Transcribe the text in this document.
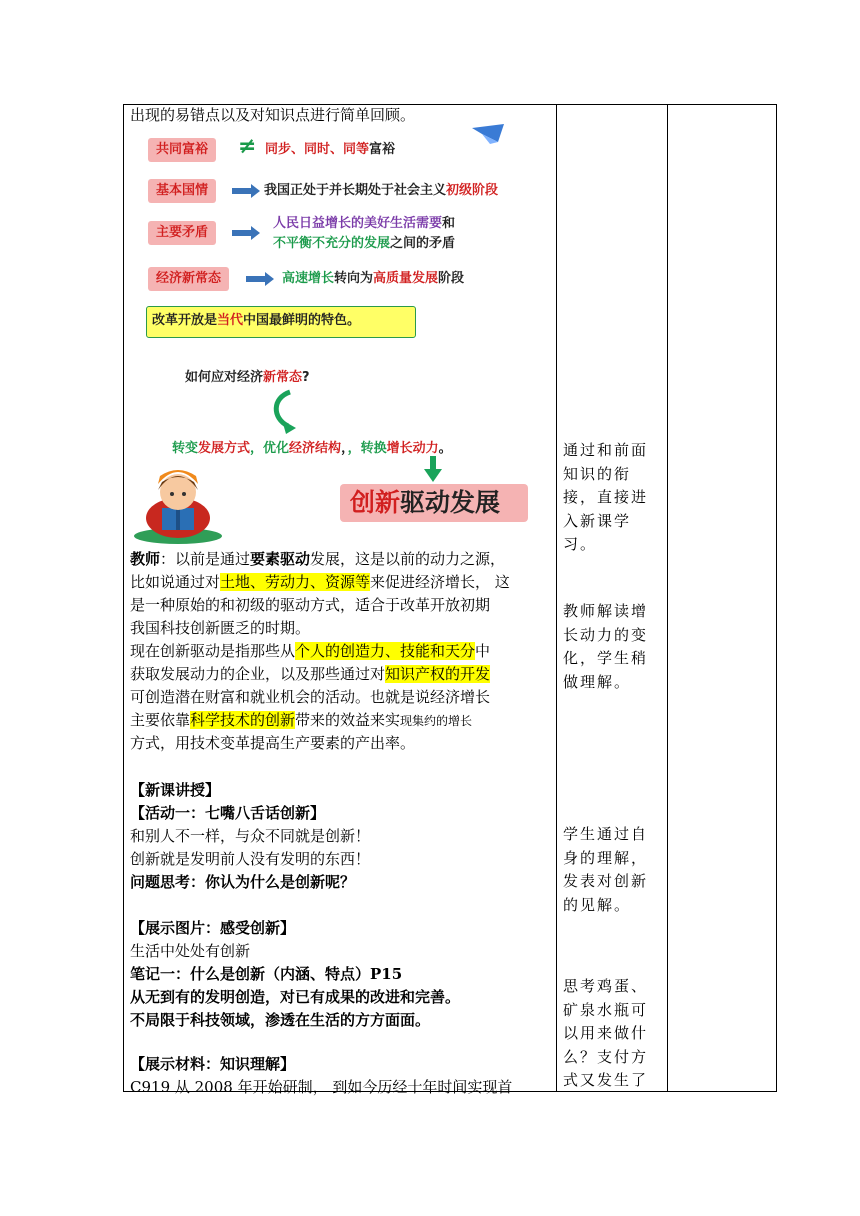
出现的易错点以及对知识点进行简单回顾。
共同富裕	≠ 同步、同时、同等富裕
基本国情	我国正处于并长期处于社会主义初级阶段
主要矛盾
人民日益增长的美好生活需要和
不平衡不充分的发展之间的矛盾
经济新常态	高速增长转向为高质量发展阶段
改革开放是当代中国最鲜明的特色。
如何应对经济新常态?
转变发展方式，优化经济结构，，转换增长动力。
创新驱动发展
教师：以前是通过要素驱动发展，这是以前的动力之源，
比如说通过对土地、劳动力、资源等来促进经济增长， 这
是一种原始的和初级的驱动方式，适合于改革开放初期
我国科技创新匮乏的时期。
现在创新驱动是指那些从个人的创造力、技能和天分中
获取发展动力的企业，以及那些通过对知识产权的开发
可创造潜在财富和就业机会的活动。也就是说经济增长
主要依靠科学技术的创新带来的效益来实现集约的增长
方式，用技术变革提高生产要素的产出率。
【新课讲授】
【活动一：七嘴八舌话创新】
和别人不一样，与众不同就是创新！
创新就是发明前人没有发明的东西！
问题思考：你认为什么是创新呢？
【展示图片：感受创新】
生活中处处有创新
笔记一：什么是创新（内涵、特点）P15
从无到有的发明创造，对已有成果的改进和完善。
不局限于科技领域，渗透在生活的方方面面。
【展示材料：知识理解】
C919 从 2008 年开始研制， 到如今历经十年时间实现首
通过和前面知识的衔接，直接进入新课学习。
教师解读增长动力的变化，学生稍做理解。
学生通过自身的理解，发表对创新的见解。
思考鸡蛋、矿泉水瓶可以用来做什么？支付方式又发生了
